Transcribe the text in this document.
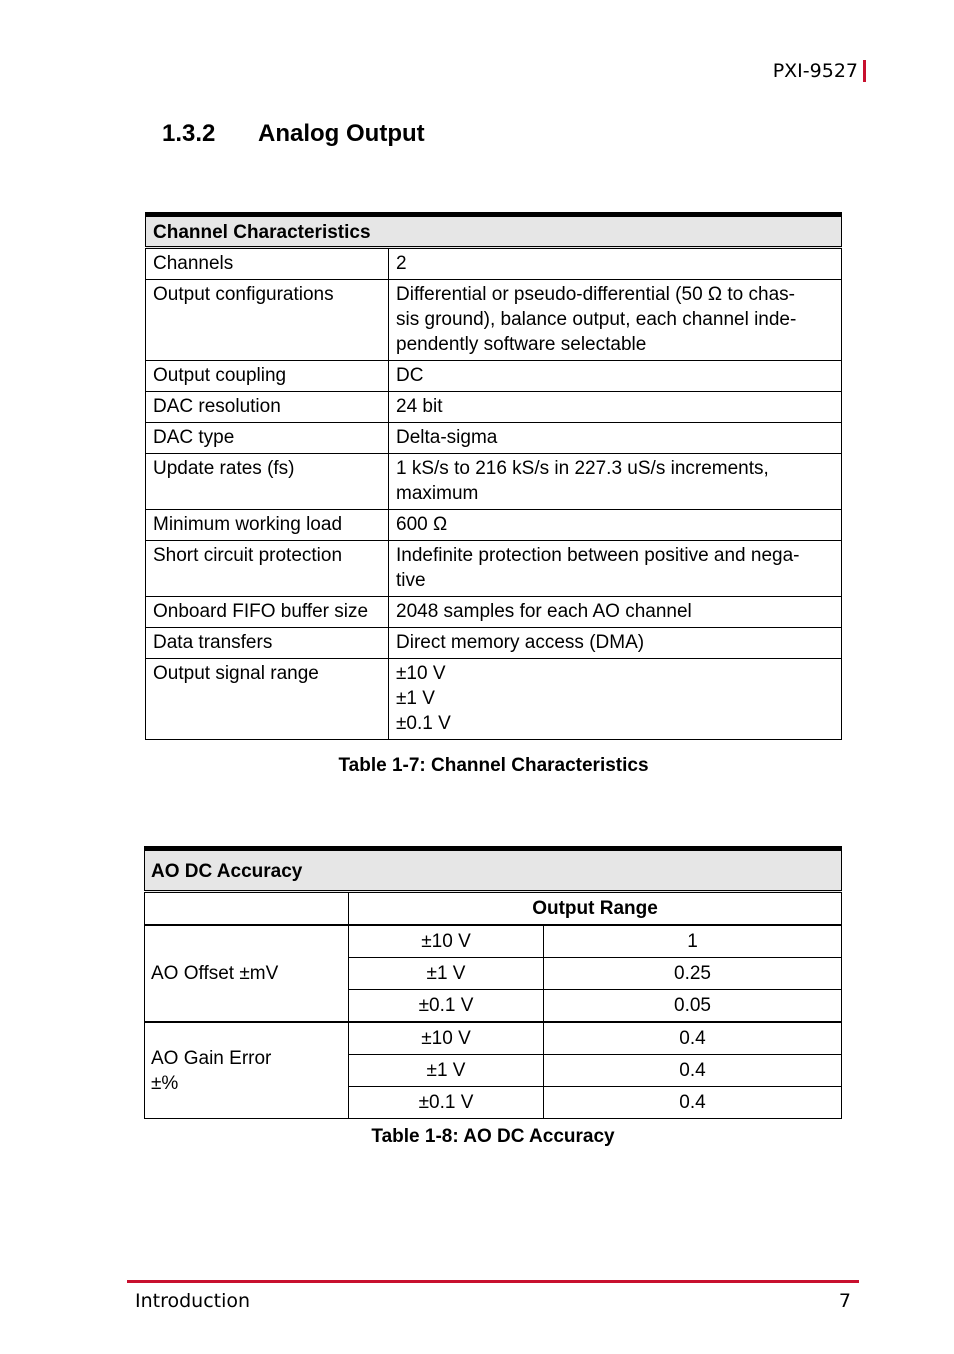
PXI-9527
1.3.2 Analog Output
Channel Characteristics	
Channels	2

Output configurations	Differential or pseudo-differential (50 Ω to chas-
sis ground), balance output, each channel inde-
pendently software selectable

Output coupling	DC

DAC resolution	24 bit

DAC type	Delta-sigma

Update rates (fs)	1 kS/s to 216 kS/s in 227.3 uS/s increments,
maximum

Minimum working load	600 Ω

Short circuit protection	Indefinite protection between positive and nega-
tive

Onboard FIFO buffer size	2048 samples for each AO channel

Data transfers	Direct memory access (DMA)

Output signal range	±10 V
±1 V
±0.1 V
Table 1-7: Channel Characteristics
AO DC Accuracy		
	Output Range	
AO Offset ±mV	±10 V	1
	±1 V	0.25
	±0.1 V	0.05

AO Gain Error
±%	±10 V	0.4
	±1 V	0.4
	±0.1 V	0.4
Table 1-8: AO DC Accuracy
Introduction	7
